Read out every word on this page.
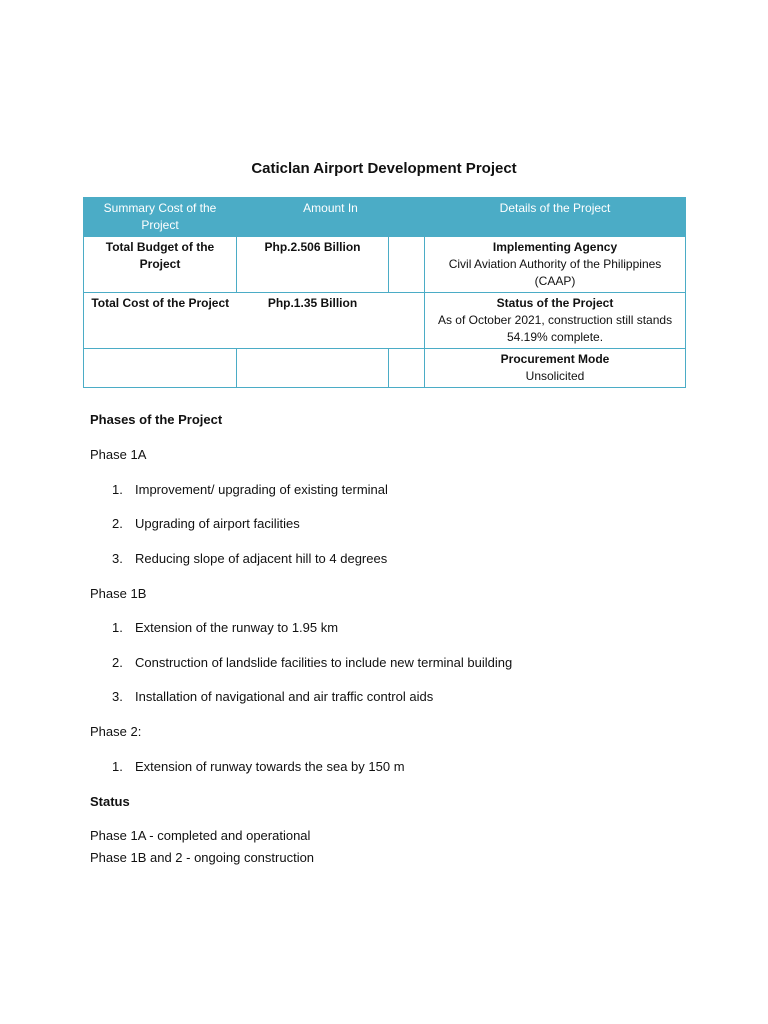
Caticlan Airport Development Project
Summary Cost of the Project	Amount In		Details of the Project
Total Budget of the Project	Php.2.506 Billion		Implementing Agency
Civil Aviation Authority of the Philippines (CAAP)

Total Cost of the Project	Php.1.35 Billion		Status of the Project
As of October 2021, construction still stands 54.19% complete.

			Procurement Mode
Unsolicited
Phases of the Project
Phase 1A
1. Improvement/ upgrading of existing terminal
2. Upgrading of airport facilities
3. Reducing slope of adjacent hill to 4 degrees
Phase 1B
1. Extension of the runway to 1.95 km
2. Construction of landslide facilities to include new terminal building
3. Installation of navigational and air traffic control aids
Phase 2:
1. Extension of runway towards the sea by 150 m
Status
Phase 1A - completed and operational
Phase 1B and 2 - ongoing construction
